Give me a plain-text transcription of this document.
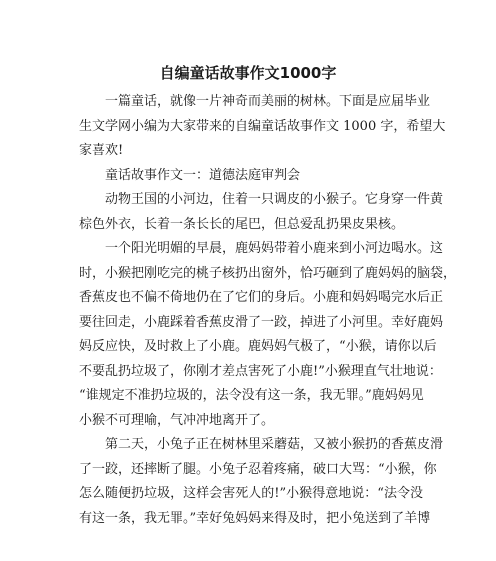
自编童话故事作文1000字
一篇童话，就像一片神奇而美丽的树林。下面是应届毕业
生文学网小编为大家带来的自编童话故事作文 1000 字，希望大
家喜欢!
童话故事作文一：道德法庭审判会
动物王国的小河边，住着一只调皮的小猴子。它身穿一件黄
棕色外衣，长着一条长长的尾巴，但总爱乱扔果皮果核。
一个阳光明媚的早晨，鹿妈妈带着小鹿来到小河边喝水。这
时，小猴把刚吃完的桃子核扔出窗外，恰巧砸到了鹿妈妈的脑袋，
香蕉皮也不偏不倚地仍在了它们的身后。小鹿和妈妈喝完水后正
要往回走，小鹿踩着香蕉皮滑了一跤，掉进了小河里。幸好鹿妈
妈反应快，及时救上了小鹿。鹿妈妈气极了，“小猴，请你以后
不要乱扔垃圾了，你刚才差点害死了小鹿!”小猴理直气壮地说：
“谁规定不准扔垃圾的，法令没有这一条，我无罪。”鹿妈妈见
小猴不可理喻，气冲冲地离开了。
第二天，小兔子正在树林里采蘑菇，又被小猴扔的香蕉皮滑
了一跤，还摔断了腿。小兔子忍着疼痛，破口大骂：“小猴，你
怎么随便扔垃圾，这样会害死人的!”小猴得意地说：“法令没
有这一条，我无罪。”幸好兔妈妈来得及时，把小兔送到了羊博
